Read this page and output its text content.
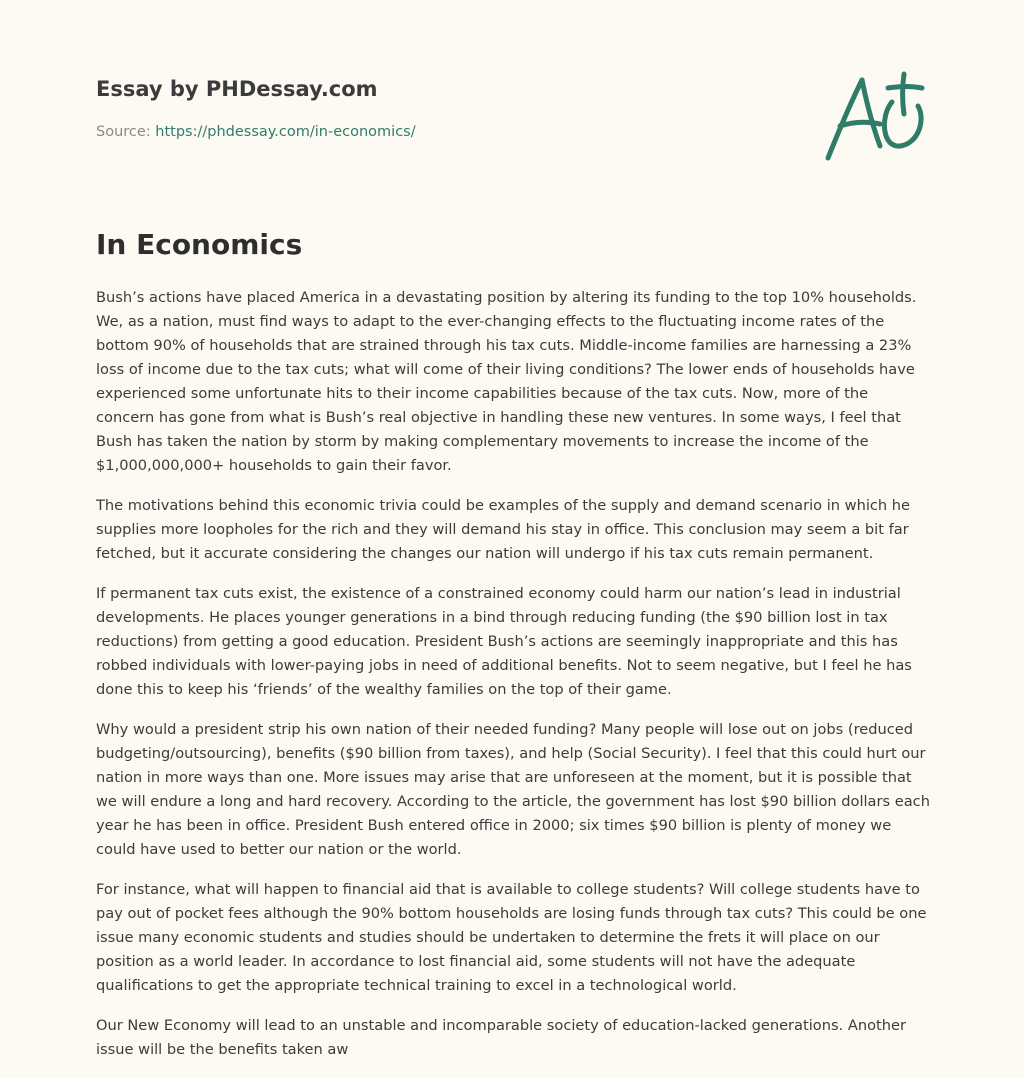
Essay by PHDessay.com
Source: https://phdessay.com/in-economics/
In Economics

Bush’s actions have placed America in a devastating position by altering its funding to the top 10% households. We, as a nation, must find ways to adapt to the ever-changing effects to the fluctuating income rates of the bottom 90% of households that are strained through his tax cuts. Middle-income families are harnessing a 23% loss of income due to the tax cuts; what will come of their living conditions? The lower ends of households have experienced some unfortunate hits to their income capabilities because of the tax cuts. Now, more of the concern has gone from what is Bush’s real objective in handling these new ventures. In some ways, I feel that Bush has taken the nation by storm by making complementary movements to increase the income of the $1,000,000,000+ households to gain their favor.

The motivations behind this economic trivia could be examples of the supply and demand scenario in which he supplies more loopholes for the rich and they will demand his stay in office. This conclusion may seem a bit far fetched, but it accurate considering the changes our nation will undergo if his tax cuts remain permanent.

If permanent tax cuts exist, the existence of a constrained economy could harm our nation’s lead in industrial developments. He places younger generations in a bind through reducing funding (the $90 billion lost in tax reductions) from getting a good education. President Bush’s actions are seemingly inappropriate and this has robbed individuals with lower-paying jobs in need of additional benefits. Not to seem negative, but I feel he has done this to keep his ‘friends’ of the wealthy families on the top of their game.

Why would a president strip his own nation of their needed funding? Many people will lose out on jobs (reduced budgeting/outsourcing), benefits ($90 billion from taxes), and help (Social Security). I feel that this could hurt our nation in more ways than one. More issues may arise that are unforeseen at the moment, but it is possible that we will endure a long and hard recovery. According to the article, the government has lost $90 billion dollars each year he has been in office. President Bush entered office in 2000; six times $90 billion is plenty of money we could have used to better our nation or the world.

For instance, what will happen to financial aid that is available to college students? Will college students have to pay out of pocket fees although the 90% bottom households are losing funds through tax cuts? This could be one issue many economic students and studies should be undertaken to determine the frets it will place on our position as a world leader. In accordance to lost financial aid, some students will not have the adequate qualifications to get the appropriate technical training to excel in a technological world.

Our New Economy will lead to an unstable and incomparable society of education-lacked generations. Another issue will be the benefits taken aw
